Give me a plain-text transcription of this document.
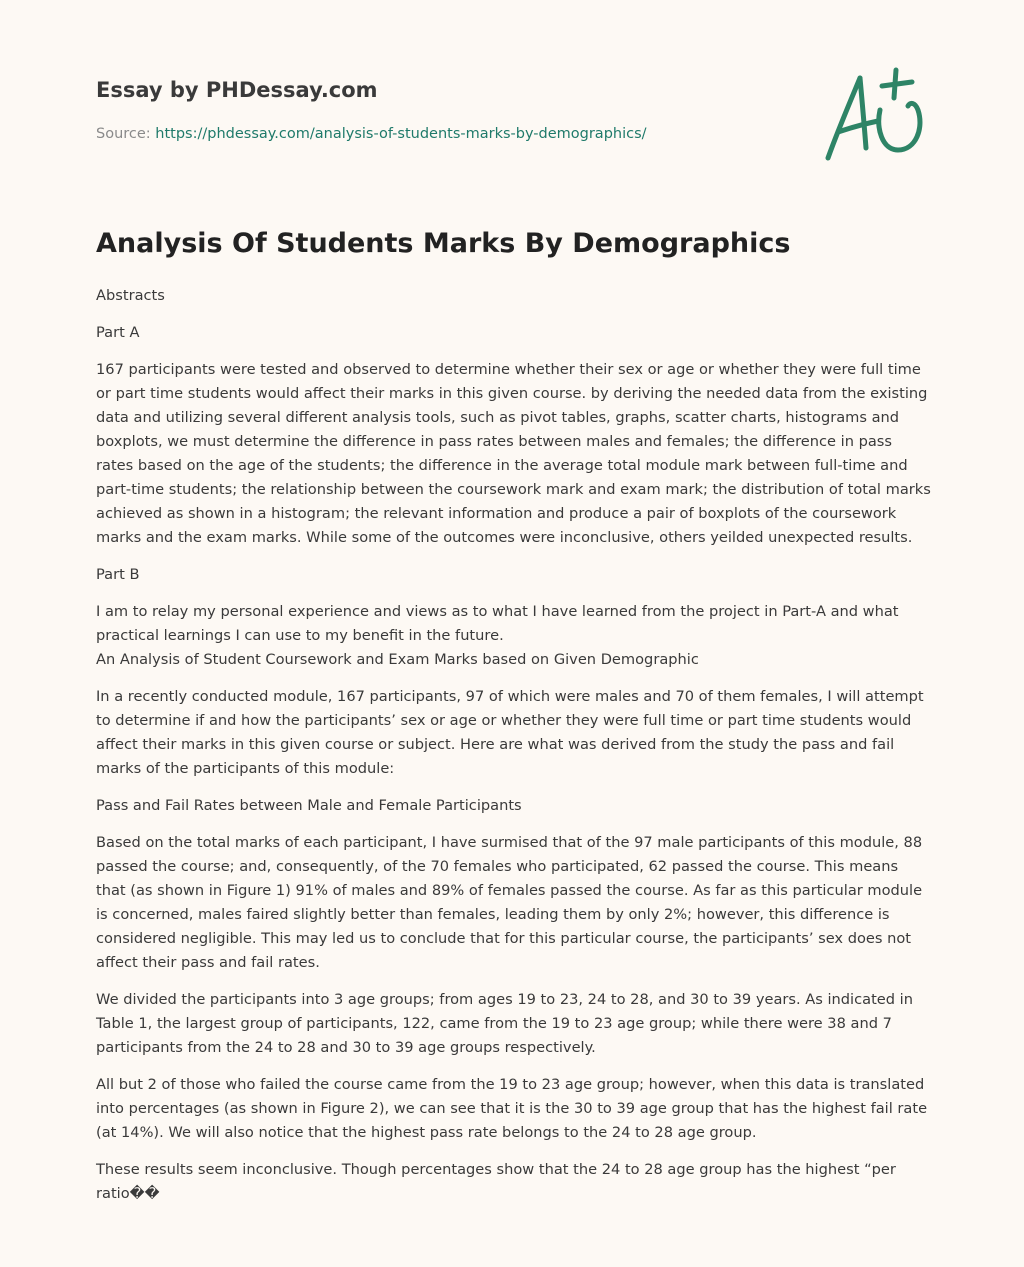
Essay by PHDessay.com
Source: https://phdessay.com/analysis-of-students-marks-by-demographics/
Analysis Of Students Marks By Demographics

Abstracts

Part A

167 participants were tested and observed to determine whether their sex or age or whether they were full time or part time students would affect their marks in this given course. by deriving the needed data from the existing data and utilizing several different analysis tools, such as pivot tables, graphs, scatter charts, histograms and boxplots, we must determine the difference in pass rates between males and females; the difference in pass rates based on the age of the students; the difference in the average total module mark between full-time and part-time students; the relationship between the coursework mark and exam mark; the distribution of total marks achieved as shown in a histogram; the relevant information and produce a pair of boxplots of the coursework marks and the exam marks. While some of the outcomes were inconclusive, others yeilded unexpected results.

Part B

I am to relay my personal experience and views as to what I have learned from the project in Part-A and what practical learnings I can use to my benefit in the future.
An Analysis of Student Coursework and Exam Marks based on Given Demographic

In a recently conducted module, 167 participants, 97 of which were males and 70 of them females, I will attempt to determine if and how the participants’ sex or age or whether they were full time or part time students would affect their marks in this given course or subject. Here are what was derived from the study the pass and fail marks of the participants of this module:

Pass and Fail Rates between Male and Female Participants

Based on the total marks of each participant, I have surmised that of the 97 male participants of this module, 88 passed the course; and, consequently, of the 70 females who participated, 62 passed the course. This means that (as shown in Figure 1) 91% of males and 89% of females passed the course. As far as this particular module is concerned, males faired slightly better than females, leading them by only 2%; however, this difference is considered negligible. This may led us to conclude that for this particular course, the participants’ sex does not affect their pass and fail rates.

We divided the participants into 3 age groups; from ages 19 to 23, 24 to 28, and 30 to 39 years. As indicated in Table 1, the largest group of participants, 122, came from the 19 to 23 age group; while there were 38 and 7 participants from the 24 to 28 and 30 to 39 age groups respectively.

All but 2 of those who failed the course came from the 19 to 23 age group; however, when this data is translated into percentages (as shown in Figure 2), we can see that it is the 30 to 39 age group that has the highest fail rate (at 14%). We will also notice that the highest pass rate belongs to the 24 to 28 age group.

These results seem inconclusive. Though percentages show that the 24 to 28 age group has the highest “per ratio��
